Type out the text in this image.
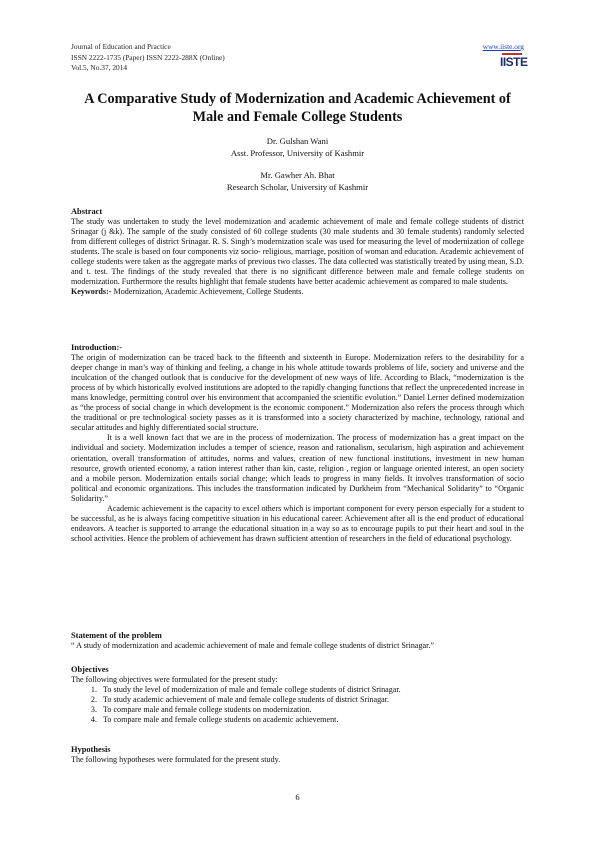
Journal of Education and Practice
ISSN 2222-1735 (Paper) ISSN 2222-288X (Online)
Vol.5, No.37, 2014
www.iiste.org
IISTE
A Comparative Study of Modernization and Academic Achievement of Male and Female College Students
Dr. Gulshan Wani
Asst. Professor, University of Kashmir
Mr. Gawher Ah. Bhat
Research Scholar, University of Kashmir

Abstract

The study was undertaken to study the level modernization and academic achievement of male and female college students of district Srinagar (j &k). The sample of the study consisted of 60 college students (30 male students and 30 female students) randomly selected from different colleges of district Srinagar. R. S. Singh’s modernization scale was used for measuring the level of modernization of college students. The scale is based on four components viz socio- religious, marriage, position of woman and education. Academic achievement of college students were taken as the aggregate marks of previous two classes. The data collected was statistically treated by using mean, S.D. and t. test. The findings of the study revealed that there is no significant difference between male and female college students on modernization. Furthermore the results highlight that female students have better academic achievement as compared to male students.

Keywords:- Modernization, Academic Achievement, College Students.

Introduction:-

The origin of modernization can be traced back to the fifteenth and sixteenth in Europe. Modernization refers to the desirability for a deeper change in man’s way of thinking and feeling, a change in his whole attitude towards problems of life, society and universe and the inculcation of the changed outlook that is conducive for the development of new ways of life. According to Black, “modernization is the process of by which historically evolved institutions are adopted to the rapidly changing functions that reflect the unprecedented increase in mans knowledge, permitting control over his environment that accompanied the scientific evolution.” Daniel Lerner defined modernization as “the process of social change in which development is the economic component.” Modernization also refers the process through which the traditional or pre technological society passes as it is transformed into a society characterized by machine, technology, rational and secular attitudes and highly differentiated social structure.

It is a well known fact that we are in the process of modernization. The process of modernization has a great impact on the individual and society. Modernization includes a temper of science, reason and rationalism, secularism, high aspiration and achievement orientation, overall transformation of attitudes, norms and values, creation of new functional institutions, investment in new human resource, growth oriented economy, a ration interest rather than kin, caste, religion , region or language oriented interest, an open society and a mobile person. Modernization entails social change; which leads to progress in many fields. It involves transformation of socio political and economic organizations. This includes the transformation indicated by Durkheim from “Mechanical Solidarity” to “Organic Solidarity.”

Academic achievement is the capacity to excel others which is important component for every person especially for a student to be successful, as he is always facing competitive situation in his educational career. Achievement after all is the end product of educational endeavors. A teacher is supported to arrange the educational situation in a way so as to encourage pupils to put their heart and soul in the school activities. Hence the problem of achievement has drawn sufficient attention of researchers in the field of educational psychology.

Statement of the problem

“ A study of modernization and academic achievement of male and female college students of district Srinagar.”

Objectives

The following objectives were formulated for the present study:

1. To study the level of modernization of male and female college students of district Srinagar.
2. To study academic achievement of male and female college students of district Srinagar.
3. To compare male and female college students on modernization.
4. To compare male and female college students on academic achievement.

Hypothesis

The following hypotheses were formulated for the present study.

6
